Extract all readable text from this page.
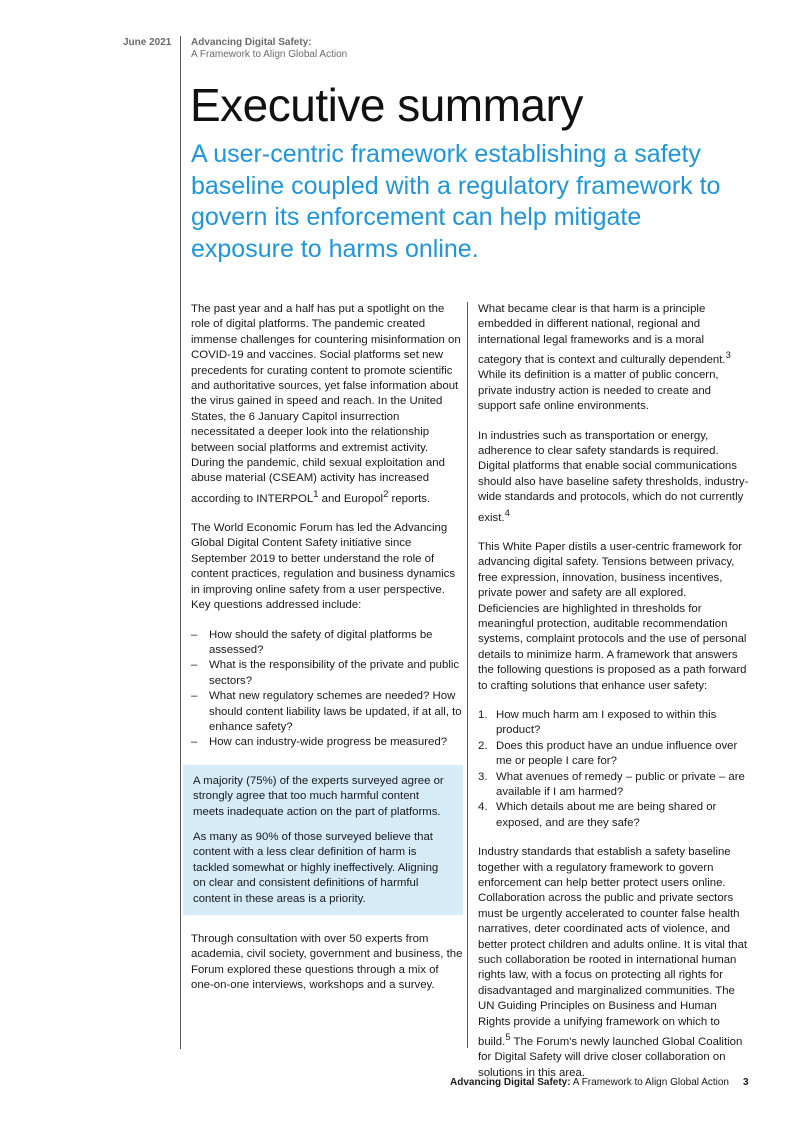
June 2021 Advancing Digital Safety:
A Framework to Align Global Action
Executive summary

A user-centric framework establishing a safety baseline coupled with a regulatory framework to govern its enforcement can help mitigate exposure to harms online.

The past year and a half has put a spotlight on the role of digital platforms. The pandemic created immense challenges for countering misinformation on COVID-19 and vaccines. Social platforms set new precedents for curating content to promote scientific and authoritative sources, yet false information about the virus gained in speed and reach. In the United States, the 6 January Capitol insurrection necessitated a deeper look into the relationship between social platforms and extremist activity. During the pandemic, child sexual exploitation and abuse material (CSEAM) activity has increased according to INTERPOL$^1$ and Europol$^2$ reports.

The World Economic Forum has led the Advancing Global Digital Content Safety initiative since September 2019 to better understand the role of content practices, regulation and business dynamics in improving online safety from a user perspective. Key questions addressed include:

– How should the safety of digital platforms be assessed?
– What is the responsibility of the private and public sectors?
– What new regulatory schemes are needed? How should content liability laws be updated, if at all, to enhance safety?
– How can industry-wide progress be measured?

A majority (75%) of the experts surveyed agree or strongly agree that too much harmful content meets inadequate action on the part of platforms.

As many as 90% of those surveyed believe that content with a less clear definition of harm is tackled somewhat or highly ineffectively. Aligning on clear and consistent definitions of harmful content in these areas is a priority.

Through consultation with over 50 experts from academia, civil society, government and business, the Forum explored these questions through a mix of one-on-one interviews, workshops and a survey.

What became clear is that harm is a principle embedded in different national, regional and international legal frameworks and is a moral category that is context and culturally dependent.$^3$ While its definition is a matter of public concern, private industry action is needed to create and support safe online environments.

In industries such as transportation or energy, adherence to clear safety standards is required. Digital platforms that enable social communications should also have baseline safety thresholds, industry-wide standards and protocols, which do not currently exist.$^4$

This White Paper distils a user-centric framework for advancing digital safety. Tensions between privacy, free expression, innovation, business incentives, private power and safety are all explored. Deficiencies are highlighted in thresholds for meaningful protection, auditable recommendation systems, complaint protocols and the use of personal details to minimize harm. A framework that answers the following questions is proposed as a path forward to crafting solutions that enhance user safety:

1. How much harm am I exposed to within this product?
2. Does this product have an undue influence over me or people I care for?
3. What avenues of remedy – public or private – are available if I am harmed?
4. Which details about me are being shared or exposed, and are they safe?

Industry standards that establish a safety baseline together with a regulatory framework to govern enforcement can help better protect users online. Collaboration across the public and private sectors must be urgently accelerated to counter false health narratives, deter coordinated acts of violence, and better protect children and adults online. It is vital that such collaboration be rooted in international human rights law, with a focus on protecting all rights for disadvantaged and marginalized communities. The UN Guiding Principles on Business and Human Rights provide a unifying framework on which to build.$^5$ The Forum's newly launched Global Coalition for Digital Safety will drive closer collaboration on solutions in this area.

Advancing Digital Safety: A Framework to Align Global Action 3
